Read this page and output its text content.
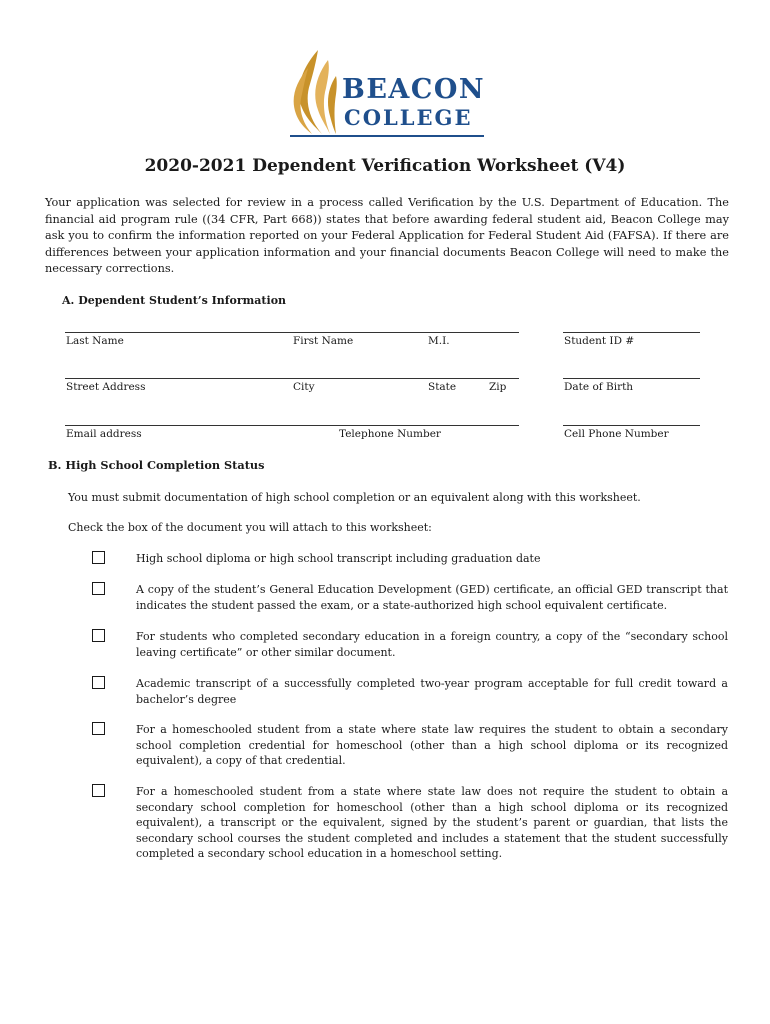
BEACON
COLLEGE
2020-2021 Dependent Verification Worksheet (V4)

Your application was selected for review in a process called Verification by the U.S. Department of Education. The financial aid program rule ((34 CFR, Part 668)) states that before awarding federal student aid, Beacon College may ask you to confirm the information reported on your Federal Application for Federal Student Aid (FAFSA). If there are differences between your application information and your financial documents Beacon College will need to make the necessary corrections.

A. Dependent Student’s Information
Last Name	First Name	M.I.	Student ID #
Street Address	City	State	Zip	Date of Birth
Email address	Telephone Number	Cell Phone Number
B. High School Completion Status
You must submit documentation of high school completion or an equivalent along with this worksheet.
Check the box of the document you will attach to this worksheet:
High school diploma or high school transcript including graduation date
A copy of the student’s General Education Development (GED) certificate, an official GED transcript that indicates the student passed the exam, or a state-authorized high school equivalent certificate.
For students who completed secondary education in a foreign country, a copy of the “secondary school leaving certificate” or other similar document.
Academic transcript of a successfully completed two-year program acceptable for full credit toward a bachelor’s degree
For a homeschooled student from a state where state law requires the student to obtain a secondary school completion credential for homeschool (other than a high school diploma or its recognized equivalent), a copy of that credential.
For a homeschooled student from a state where state law does not require the student to obtain a secondary school completion for homeschool (other than a high school diploma or its recognized equivalent), a transcript or the equivalent, signed by the student’s parent or guardian, that lists the secondary school courses the student completed and includes a statement that the student successfully completed a secondary school education in a homeschool setting.
